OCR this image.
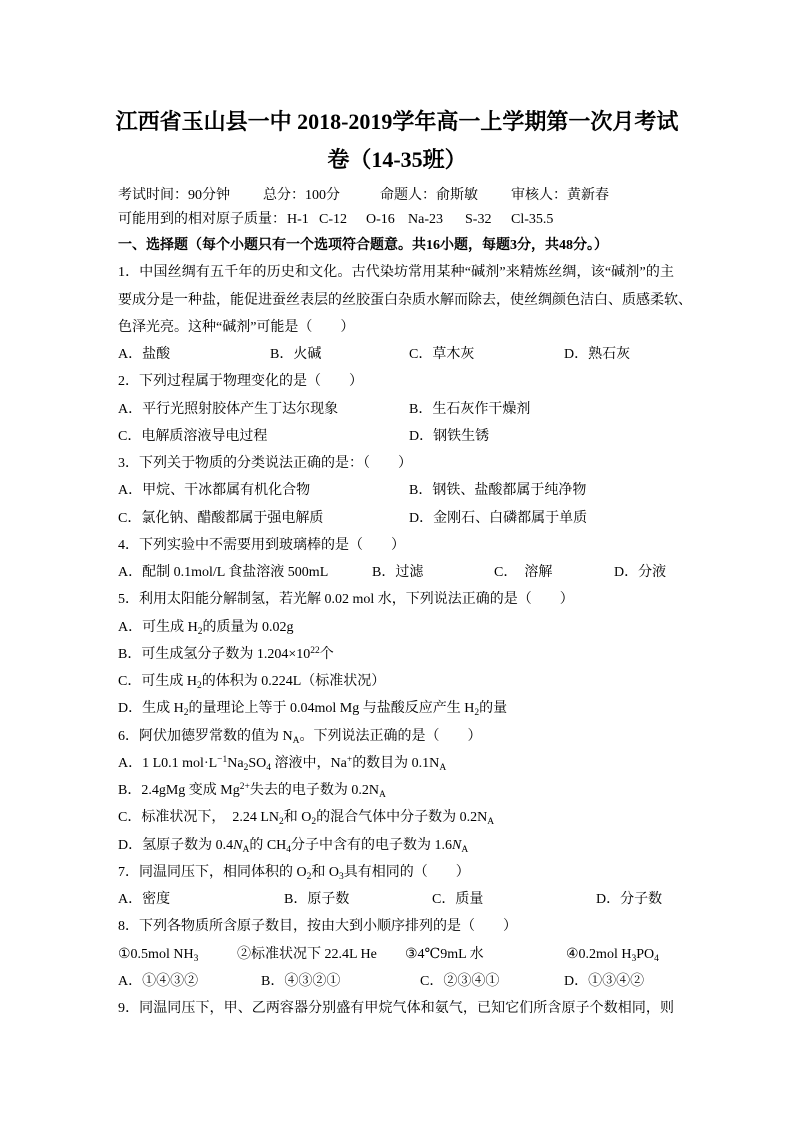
江西省玉山县一中 2018-2019学年高一上学期第一次月考试
卷（14-35班）
考试时间：90分钟 总分：100分	命题人：俞斯敏 审核人：黄新春
可能用到的相对原子质量： H-1 C-12 O-16 Na-23 S-32 Cl-35.5
一、选择题（每个小题只有一个选项符合题意。共16小题，每题3分，共48分。）
1．中国丝绸有五千年的历史和文化。古代染坊常用某种“碱剂”来精炼丝绸，该“碱剂”的主
要成分是一种盐，能促进蚕丝表层的丝胶蛋白杂质水解而除去，使丝绸颜色洁白、质感柔软、
色泽光亮。这种“碱剂”可能是（　　）
A．盐酸	B．火碱	C．草木灰	D．熟石灰
2．下列过程属于物理变化的是（　　）
A．平行光照射胶体产生丁达尔现象	B．生石灰作干燥剂
C．电解质溶液导电过程	D．钢铁生锈
3．下列关于物质的分类说法正确的是：（　　）
A．甲烷、干冰都属有机化合物	B．钢铁、盐酸都属于纯净物
C．氯化钠、醋酸都属于强电解质	D．金刚石、白磷都属于单质
4．下列实验中不需要用到玻璃棒的是（　　）
A．配制 0.1mol/L 食盐溶液 500mL	B．过滤	C．  溶解	D．分液
5．利用太阳能分解制氢，若光解 0.02 mol 水，下列说法正确的是（　　）
A．可生成 $H_2$的质量为 0.02g
B．可生成氢分子数为 $1.204\times 10^{22}$个
C．可生成 $H_2$的体积为 0.224L（标准状况）
D．生成 $H_2$的量理论上等于 0.04mol Mg 与盐酸反应产生 $H_2$的量
6．阿伏加德罗常数的值为 $N_A$。下列说法正确的是（　　）
A．1 L0.1 $mol\cdot L^{-1}Na_2SO_4$ 溶液中，Na+的数目为 $0.1N_A$
B．2.4gMg 变成 $Mg^{2+}$失去的电子数为 $0.2N_A$
C．标准状况下，  2.24 $LN_2$和 $O_2$的混合气体中分子数为 $0.2N_A$
D．氢原子数为 $0.4N_A$的 $CH_4$分子中含有的电子数为 $1.6N_A$
7．同温同压下，相同体积的 $O_2$和 $O_3$具有相同的（　　）
A．密度	B．原子数	C．质量	D．分子数
8．下列各物质所含原子数目，按由大到小顺序排列的是（　　）
①0.5mol $NH_3$	②标准状况下 22.4L He ③4℃9mL 水	④0.2mol $H_3PO_4$
A．①④③②	B．④③②①	C．②③④①	D．①③④②
9．同温同压下，甲、乙两容器分别盛有甲烷气体和氨气，已知它们所含原子个数相同，则
